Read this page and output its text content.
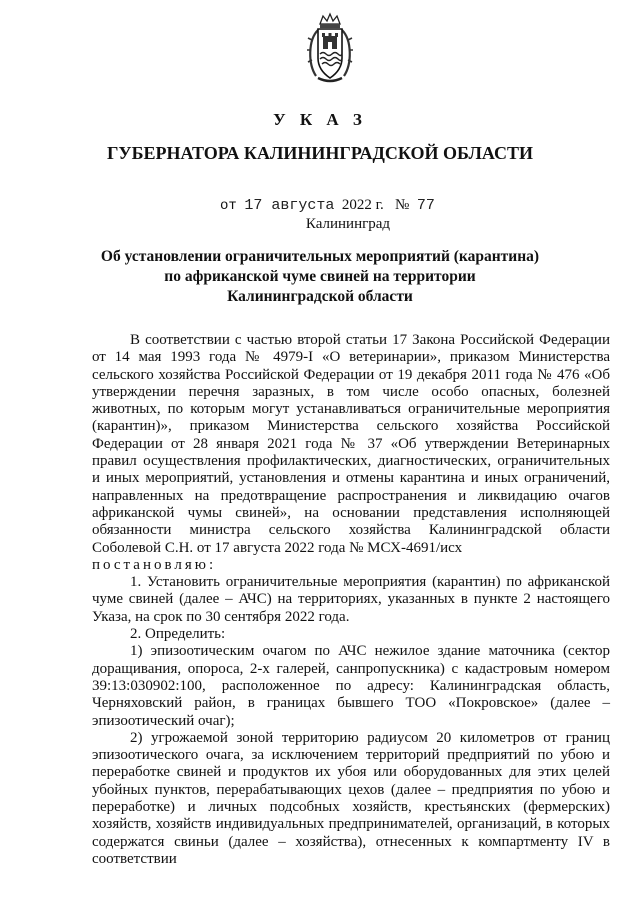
У К А З
ГУБЕРНАТОРА КАЛИНИНГРАДСКОЙ ОБЛАСТИ
от 17 августа 2022 г. № 77
Калининград
Об установлении ограничительных мероприятий (карантина)
по африканской чуме свиней на территории
Калининградской области

В соответствии с частью второй статьи 17 Закона Российской Федерации от 14 мая 1993 года № 4979-I «О ветеринарии», приказом Министерства сельского хозяйства Российской Федерации от 19 декабря 2011 года № 476 «Об утверждении перечня заразных, в том числе особо опасных, болезней животных, по которым могут устанавливаться ограничительные мероприятия (карантин)», приказом Министерства сельского хозяйства Российской Федерации от 28 января 2021 года № 37 «Об утверждении Ветеринарных правил осуществления профилактических, диагностических, ограничительных и иных мероприятий, установления и отмены карантина и иных ограничений, направленных на предотвращение распространения и ликвидацию очагов африканской чумы свиней», на основании представления исполняющей обязанности министра сельского хозяйства Калининградской области Соболевой С.Н. от 17 августа 2022 года № МСХ-4691/исх

постановляю:

1. Установить ограничительные мероприятия (карантин) по африканской чуме свиней (далее – АЧС) на территориях, указанных в пункте 2 настоящего Указа, на срок по 30 сентября 2022 года.

2. Определить:

1) эпизоотическим очагом по АЧС нежилое здание маточника (сектор доращивания, опороса, 2-х галерей, санпропускника) с кадастровым номером 39:13:030902:100, расположенное по адресу: Калининградская область, Черняховский район, в границах бывшего ТОО «Покровское» (далее – эпизоотический очаг);

2) угрожаемой зоной территорию радиусом 20 километров от границ эпизоотического очага, за исключением территорий предприятий по убою и переработке свиней и продуктов их убоя или оборудованных для этих целей убойных пунктов, перерабатывающих цехов (далее – предприятия по убою и переработке) и личных подсобных хозяйств, крестьянских (фермерских) хозяйств, хозяйств индивидуальных предпринимателей, организаций, в которых содержатся свиньи (далее – хозяйства), отнесенных к компартменту IV в соответствии
